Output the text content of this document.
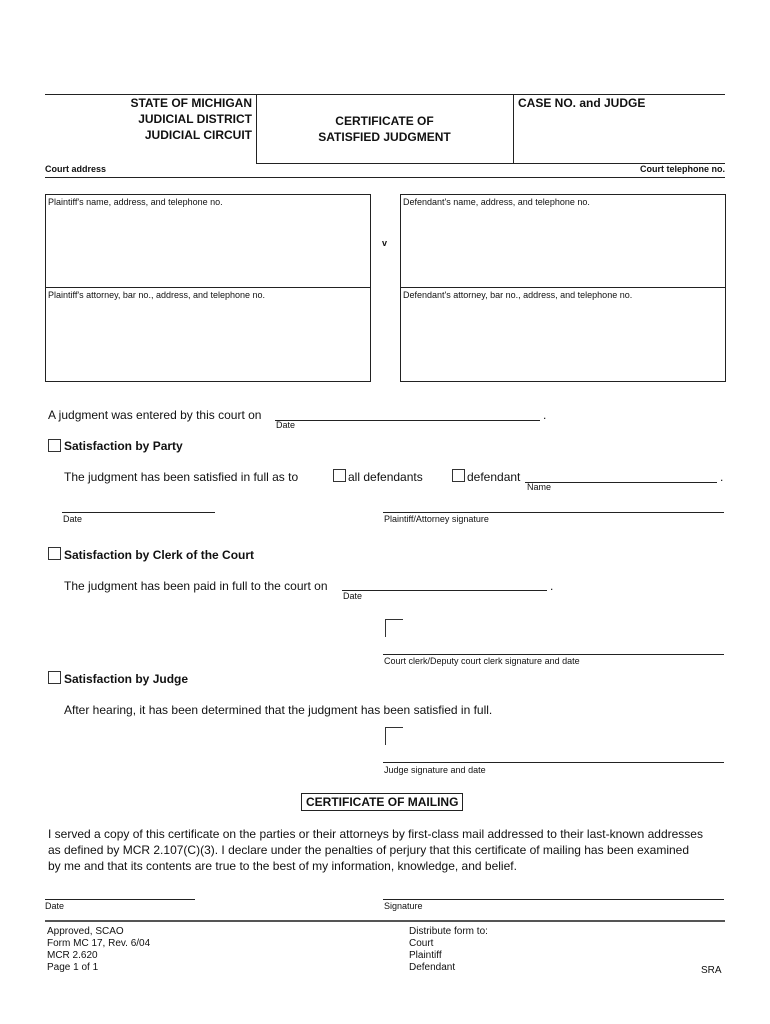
STATE OF MICHIGAN
JUDICIAL DISTRICT
JUDICIAL CIRCUIT
CERTIFICATE OF
SATISFIED JUDGMENT
CASE NO. and JUDGE
Court address	Court telephone no.
Plaintiff's name, address, and telephone no.
Plaintiff's attorney, bar no., address, and telephone no.
v
Defendant's name, address, and telephone no.
Defendant's attorney, bar no., address, and telephone no.
A judgment was entered by this court on	.
Date
Satisfaction by Party
The judgment has been satisfied in full as to	all defendants	defendant	.
Name
Date	Plaintiff/Attorney signature
Satisfaction by Clerk of the Court
The judgment has been paid in full to the court on	.
Date
Court clerk/Deputy court clerk signature and date
Satisfaction by Judge
After hearing, it has been determined that the judgment has been satisfied in full.
Judge signature and date
CERTIFICATE OF MAILING
I served a copy of this certificate on the parties or their attorneys by first-class mail addressed to their last-known addresses
as defined by MCR 2.107(C)(3). I declare under the penalties of perjury that this certificate of mailing has been examined
by me and that its contents are true to the best of my information, knowledge, and belief.
Date	Signature
Approved, SCAO
Form MC 17, Rev. 6/04
MCR 2.620
Page 1 of 1
Distribute form to:
Court
Plaintiff
Defendant	SRA
